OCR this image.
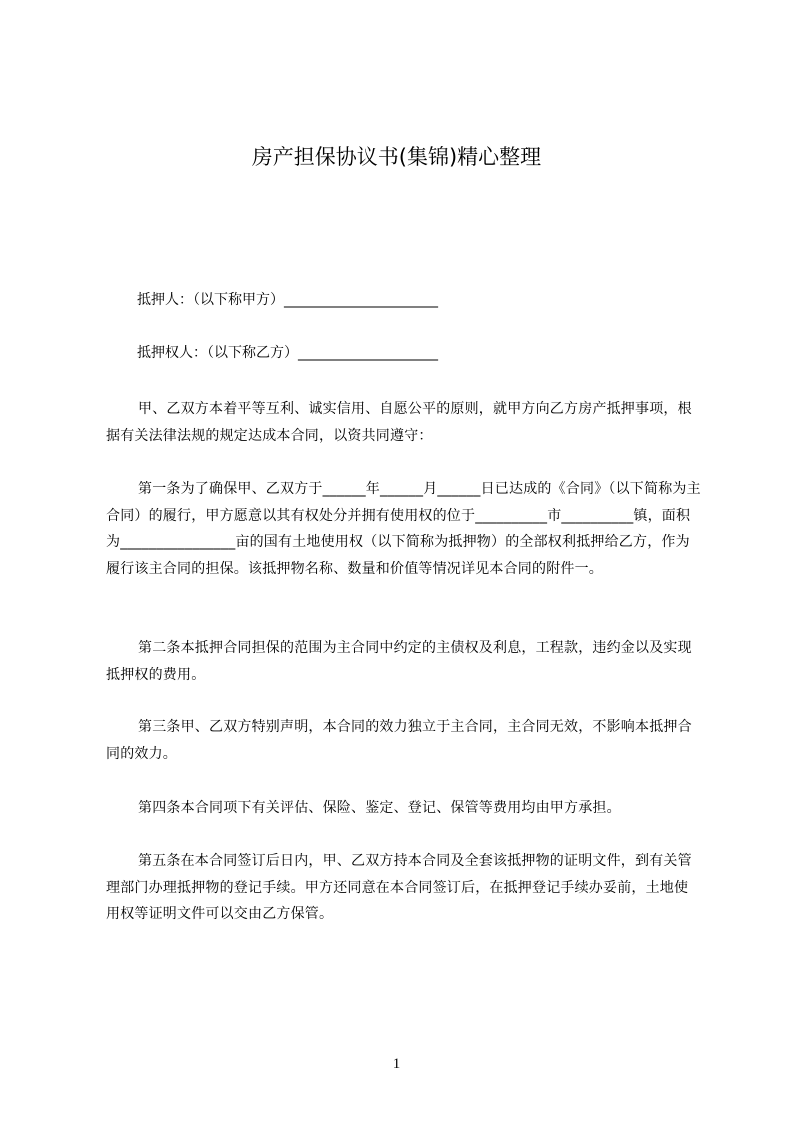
房产担保协议书(集锦)精心整理

抵押人：（以下称甲方）______________________

抵押权人：（以下称乙方）____________________

甲、乙双方本着平等互利、诚实信用、自愿公平的原则，就甲方向乙方房产抵押事项，根据有关法律法规的规定达成本合同，以资共同遵守：

第一条为了确保甲、乙双方于______年______月______日已达成的《合同》（以下简称为主合同）的履行，甲方愿意以其有权处分并拥有使用权的位于__________市__________镇，面积为________________亩的国有土地使用权（以下简称为抵押物）的全部权利抵押给乙方，作为履行该主合同的担保。该抵押物名称、数量和价值等情况详见本合同的附件一。

第二条本抵押合同担保的范围为主合同中约定的主债权及利息，工程款，违约金以及实现抵押权的费用。

第三条甲、乙双方特别声明，本合同的效力独立于主合同，主合同无效，不影响本抵押合同的效力。

第四条本合同项下有关评估、保险、鉴定、登记、保管等费用均由甲方承担。

第五条在本合同签订后日内，甲、乙双方持本合同及全套该抵押物的证明文件，到有关管理部门办理抵押物的登记手续。甲方还同意在本合同签订后，在抵押登记手续办妥前，土地使用权等证明文件可以交由乙方保管。

1
